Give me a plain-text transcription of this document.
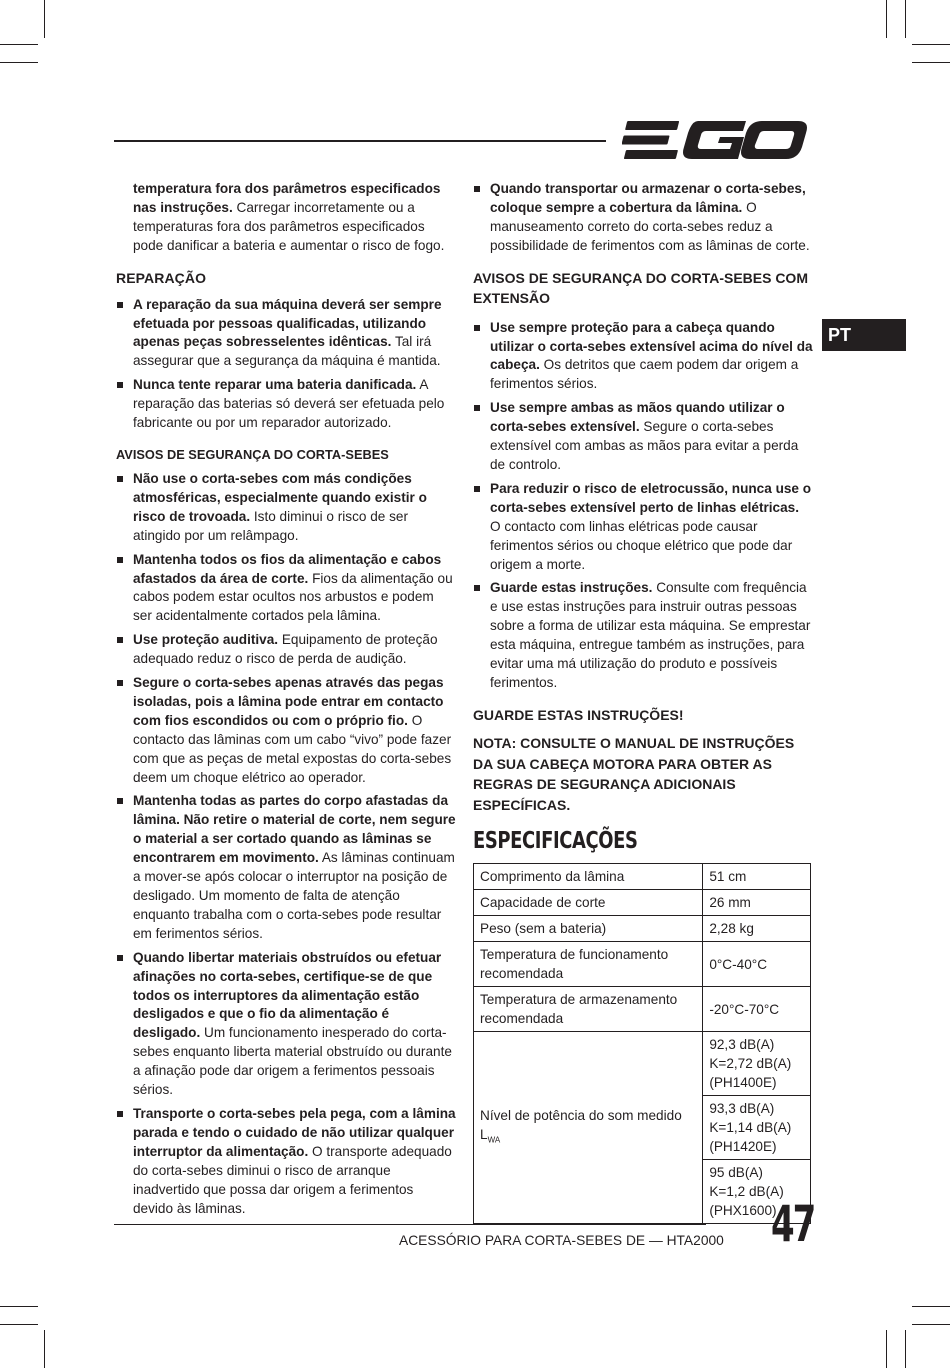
PT

temperatura fora dos parâmetros especificados nas instruções. Carregar incorretamente ou a temperaturas fora dos parâmetros especificados pode danificar a bateria e aumentar o risco de fogo.

REPARAÇÃO
A reparação da sua máquina deverá ser sempre efetuada por pessoas qualificadas, utilizando apenas peças sobresselentes idênticas. Tal irá assegurar que a segurança da máquina é mantida.
Nunca tente reparar uma bateria danificada. A reparação das baterias só deverá ser efetuada pelo fabricante ou por um reparador autorizado.
AVISOS DE SEGURANÇA DO CORTA-SEBES
Não use o corta-sebes com más condições atmosféricas, especialmente quando existir o risco de trovoada. Isto diminui o risco de ser atingido por um relâmpago.
Mantenha todos os fios da alimentação e cabos afastados da área de corte. Fios da alimentação ou cabos podem estar ocultos nos arbustos e podem ser acidentalmente cortados pela lâmina.
Use proteção auditiva. Equipamento de proteção adequado reduz o risco de perda de audição.
Segure o corta-sebes apenas através das pegas isoladas, pois a lâmina pode entrar em contacto com fios escondidos ou com o próprio fio. O contacto das lâminas com um cabo “vivo” pode fazer com que as peças de metal expostas do corta-sebes deem um choque elétrico ao operador.
Mantenha todas as partes do corpo afastadas da lâmina. Não retire o material de corte, nem segure o material a ser cortado quando as lâminas se encontrarem em movimento. As lâminas continuam a mover-se após colocar o interruptor na posição de desligado. Um momento de falta de atenção enquanto trabalha com o corta-sebes pode resultar em ferimentos sérios.
Quando libertar materiais obstruídos ou efetuar afinações no corta-sebes, certifique-se de que todos os interruptores da alimentação estão desligados e que o fio da alimentação é desligado. Um funcionamento inesperado do corta-sebes enquanto liberta material obstruído ou durante a afinação pode dar origem a ferimentos pessoais sérios.
Transporte o corta-sebes pela pega, com a lâmina parada e tendo o cuidado de não utilizar qualquer interruptor da alimentação. O transporte adequado do corta-sebes diminui o risco de arranque inadvertido que possa dar origem a ferimentos devido às lâminas.
Quando transportar ou armazenar o corta-sebes, coloque sempre a cobertura da lâmina. O manuseamento correto do corta-sebes reduz a possibilidade de ferimentos com as lâminas de corte.
AVISOS DE SEGURANÇA DO CORTA-SEBES COM EXTENSÃO
Use sempre proteção para a cabeça quando utilizar o corta-sebes extensível acima do nível da cabeça. Os detritos que caem podem dar origem a ferimentos sérios.
Use sempre ambas as mãos quando utilizar o corta-sebes extensível. Segure o corta-sebes extensível com ambas as mãos para evitar a perda de controlo.
Para reduzir o risco de eletrocussão, nunca use o corta-sebes extensível perto de linhas elétricas. O contacto com linhas elétricas pode causar ferimentos sérios ou choque elétrico que pode dar origem a morte.
Guarde estas instruções. Consulte com frequência e use estas instruções para instruir outras pessoas sobre a forma de utilizar esta máquina. Se emprestar esta máquina, entregue também as instruções, para evitar uma má utilização do produto e possíveis ferimentos.
GUARDE ESTAS INSTRUÇÕES!
NOTA: CONSULTE O MANUAL DE INSTRUÇÕES DA SUA CABEÇA MOTORA PARA OBTER AS REGRAS DE SEGURANÇA ADICIONAIS ESPECÍFICAS.
ESPECIFICAÇÕES
Comprimento da lâmina	51 cm
Capacidade de corte	26 mm
Peso (sem a bateria)	2,28 kg
Temperatura de funcionamento recomendada	0°C-40°C
Temperatura de armazenamento recomendada	-20°C-70°C
Nível de potência do som medido $L_{WA}$	92,3 dB(A)
K=2,72 dB(A)
(PH1400E)

	93,3 dB(A)
K=1,14 dB(A)
(PH1420E)

	95 dB(A)
K=1,2 dB(A)
(PHX1600)
ACESSÓRIO PARA CORTA-SEBES DE — HTA2000 47
